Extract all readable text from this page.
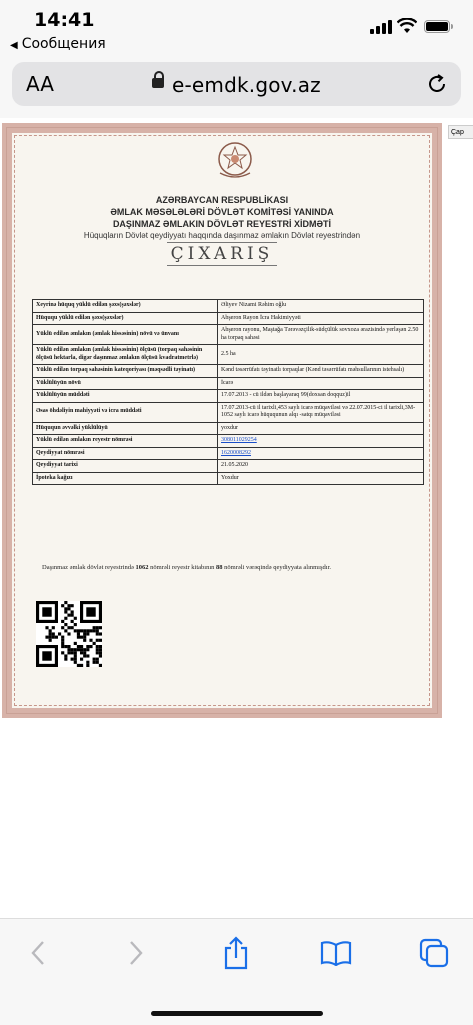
14:41
◀ Сообщения
AA	e-emdk.gov.az
Çap
AZƏRBAYCAN RESPUBLİKASI
ƏMLAK MƏSƏLƏLƏRİ DÖVLƏT KOMİTƏSİ YANINDA
DAŞINMAZ ƏMLAKIN DÖVLƏT REYESTRİ XİDMƏTİ
Hüquqların Dövlət qeydiyyatı haqqında daşınmaz əmlakın Dövlət reyestrindən
ÇIXARIŞ
Xeyrinə hüquq yüklü edilən şəxs(şəxslər)	Əliyev Nizami Rəhim oğlu
Hüququ yüklü edilən şəxs(şəxslər)	Abşeron Rayon İcra Hakimiyyəti
Yüklü edilən əmlakın (əmlak hissəsinin) növü və ünvanı	Abşeron rayonu, Maştağa Tərəvəzçilik-südçülük sovxoza ərazisində yerləşən 2.50 ha torpaq sahəsi
Yüklü edilən əmlakın (əmlak hissəsinin) ölçüsü (torpaq sahəsinin ölçüsü hektarla, digər daşınmaz əmlakın ölçüsü kvadratmetrlə)	2.5 ha
Yüklü edilən torpaq sahəsinin kateqoriyası (məqsədli təyinatı)	Kənd təsərrüfatı təyinatlı torpaqlar (Kənd təsərrüfatı məhsullarının istehsalı)
Yüklülüyün növü	İcarə
Yüklülüyün müddəti	17.07.2013 - cü ildən başlayaraq 99(doxsan doqquz)il
Əsas öhdəliyin mahiyyəti və icra müddəti	17.07.2013-cü il tarixli,453 saylı icarə müqaviləsi və 22.07.2015-ci il tarixli,3M-1052 saylı icarə hüququnun alqı -satqı müqaviləsi
Hüququn əvvəlki yüklülüyü	yoxdur
Yüklü edilən əmlakın reyestr nömrəsi	308011029254
Qeydiyyat nömrəsi	1620008292
Qeydiyyat tarixi	21.05.2020
İpoteka kağızı	Yoxdur
Daşınmaz əmlak dövlət reyestrində 1062 nömrəli reyestr kitabının 88 nömrəli vərəqində qeydiyyata alınmışdır.
